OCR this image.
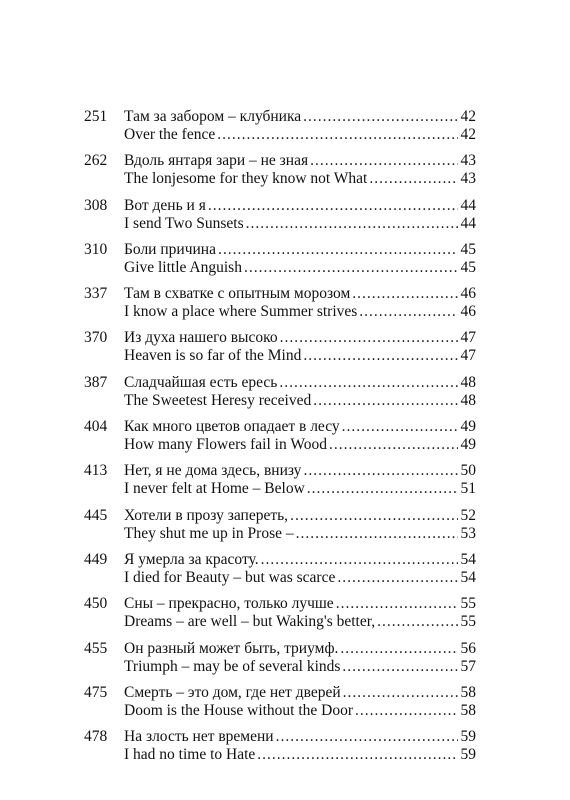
251	Там за забором – клубника .....	42
Over the fence .....	42
262	Вдоль янтаря зари – не зная .....	43
The lonjesome for they know not What .....	43
308	Вот день и я .....	44
I send Two Sunsets .....	44
310	Боли причина .....	45
Give little Anguish .....	45
337	Там в схватке с опытным морозом .....	46
I know a place where Summer strives .....	46
370	Из духа нашего высоко .....	47
Heaven is so far of the Mind .....	47
387	Сладчайшая есть ересь .....	48
The Sweetest Heresy received .....	48
404	Как много цветов опадает в лесу .....	49
How many Flowers fail in Wood .....	49
413	Нет, я не дома здесь, внизу .....	50
I never felt at Home – Below .....	51
445	Хотели в прозу запереть, .....	52
They shut me up in Prose – .....	53
449	Я умерла за красоту. .....	54
I died for Beauty – but was scarce .....	54
450	Сны – прекрасно, только лучше .....	55
Dreams – are well – but Waking's better, .....	55
455	Он разный может быть, триумф. .....	56
Triumph – may be of several kinds .....	57
475	Смерть – это дом, где нет дверей .....	58
Doom is the House without the Door .....	58
478	На злость нет времени .....	59
I had no time to Hate .....	59
